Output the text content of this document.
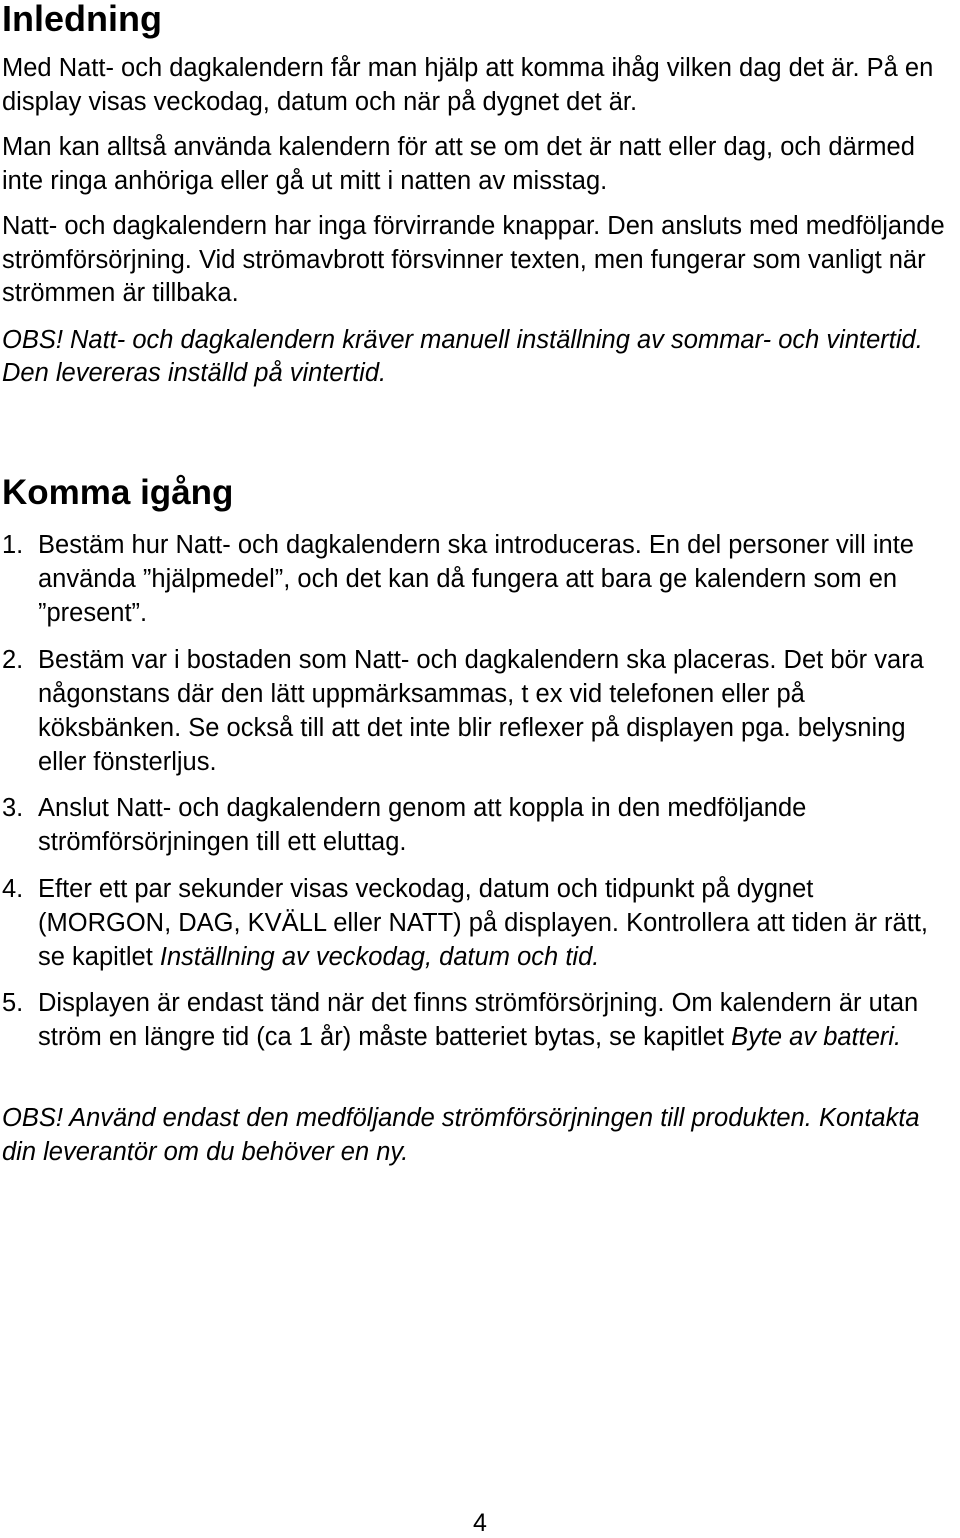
Inledning

Med Natt- och dagkalendern får man hjälp att komma ihåg vilken dag det är. På en display visas veckodag, datum och när på dygnet det är.

Man kan alltså använda kalendern för att se om det är natt eller dag, och därmed inte ringa anhöriga eller gå ut mitt i natten av misstag.

Natt- och dagkalendern har inga förvirrande knappar. Den ansluts med medföljande strömförsörjning. Vid strömavbrott försvinner texten, men fungerar som vanligt när strömmen är tillbaka.

OBS! Natt- och dagkalendern kräver manuell inställning av sommar- och vintertid. Den levereras inställd på vintertid.

Komma igång
1. Bestäm hur Natt- och dagkalendern ska introduceras. En del personer vill inte använda ”hjälpmedel”, och det kan då fungera att bara ge kalendern som en ”present”.
2. Bestäm var i bostaden som Natt- och dagkalendern ska placeras. Det bör vara någonstans där den lätt uppmärksammas, t ex vid telefonen eller på köksbänken. Se också till att det inte blir reflexer på displayen pga. belysning eller fönsterljus.
3. Anslut Natt- och dagkalendern genom att koppla in den medföljande strömförsörjningen till ett eluttag.
4. Efter ett par sekunder visas veckodag, datum och tidpunkt på dygnet (MORGON, DAG, KVÄLL eller NATT) på displayen. Kontrollera att tiden är rätt, se kapitlet Inställning av veckodag, datum och tid.
5. Displayen är endast tänd när det finns strömförsörjning. Om kalendern är utan ström en längre tid (ca 1 år) måste batteriet bytas, se kapitlet Byte av batteri.

OBS! Använd endast den medföljande strömförsörjningen till produkten. Kontakta din leverantör om du behöver en ny.

4
